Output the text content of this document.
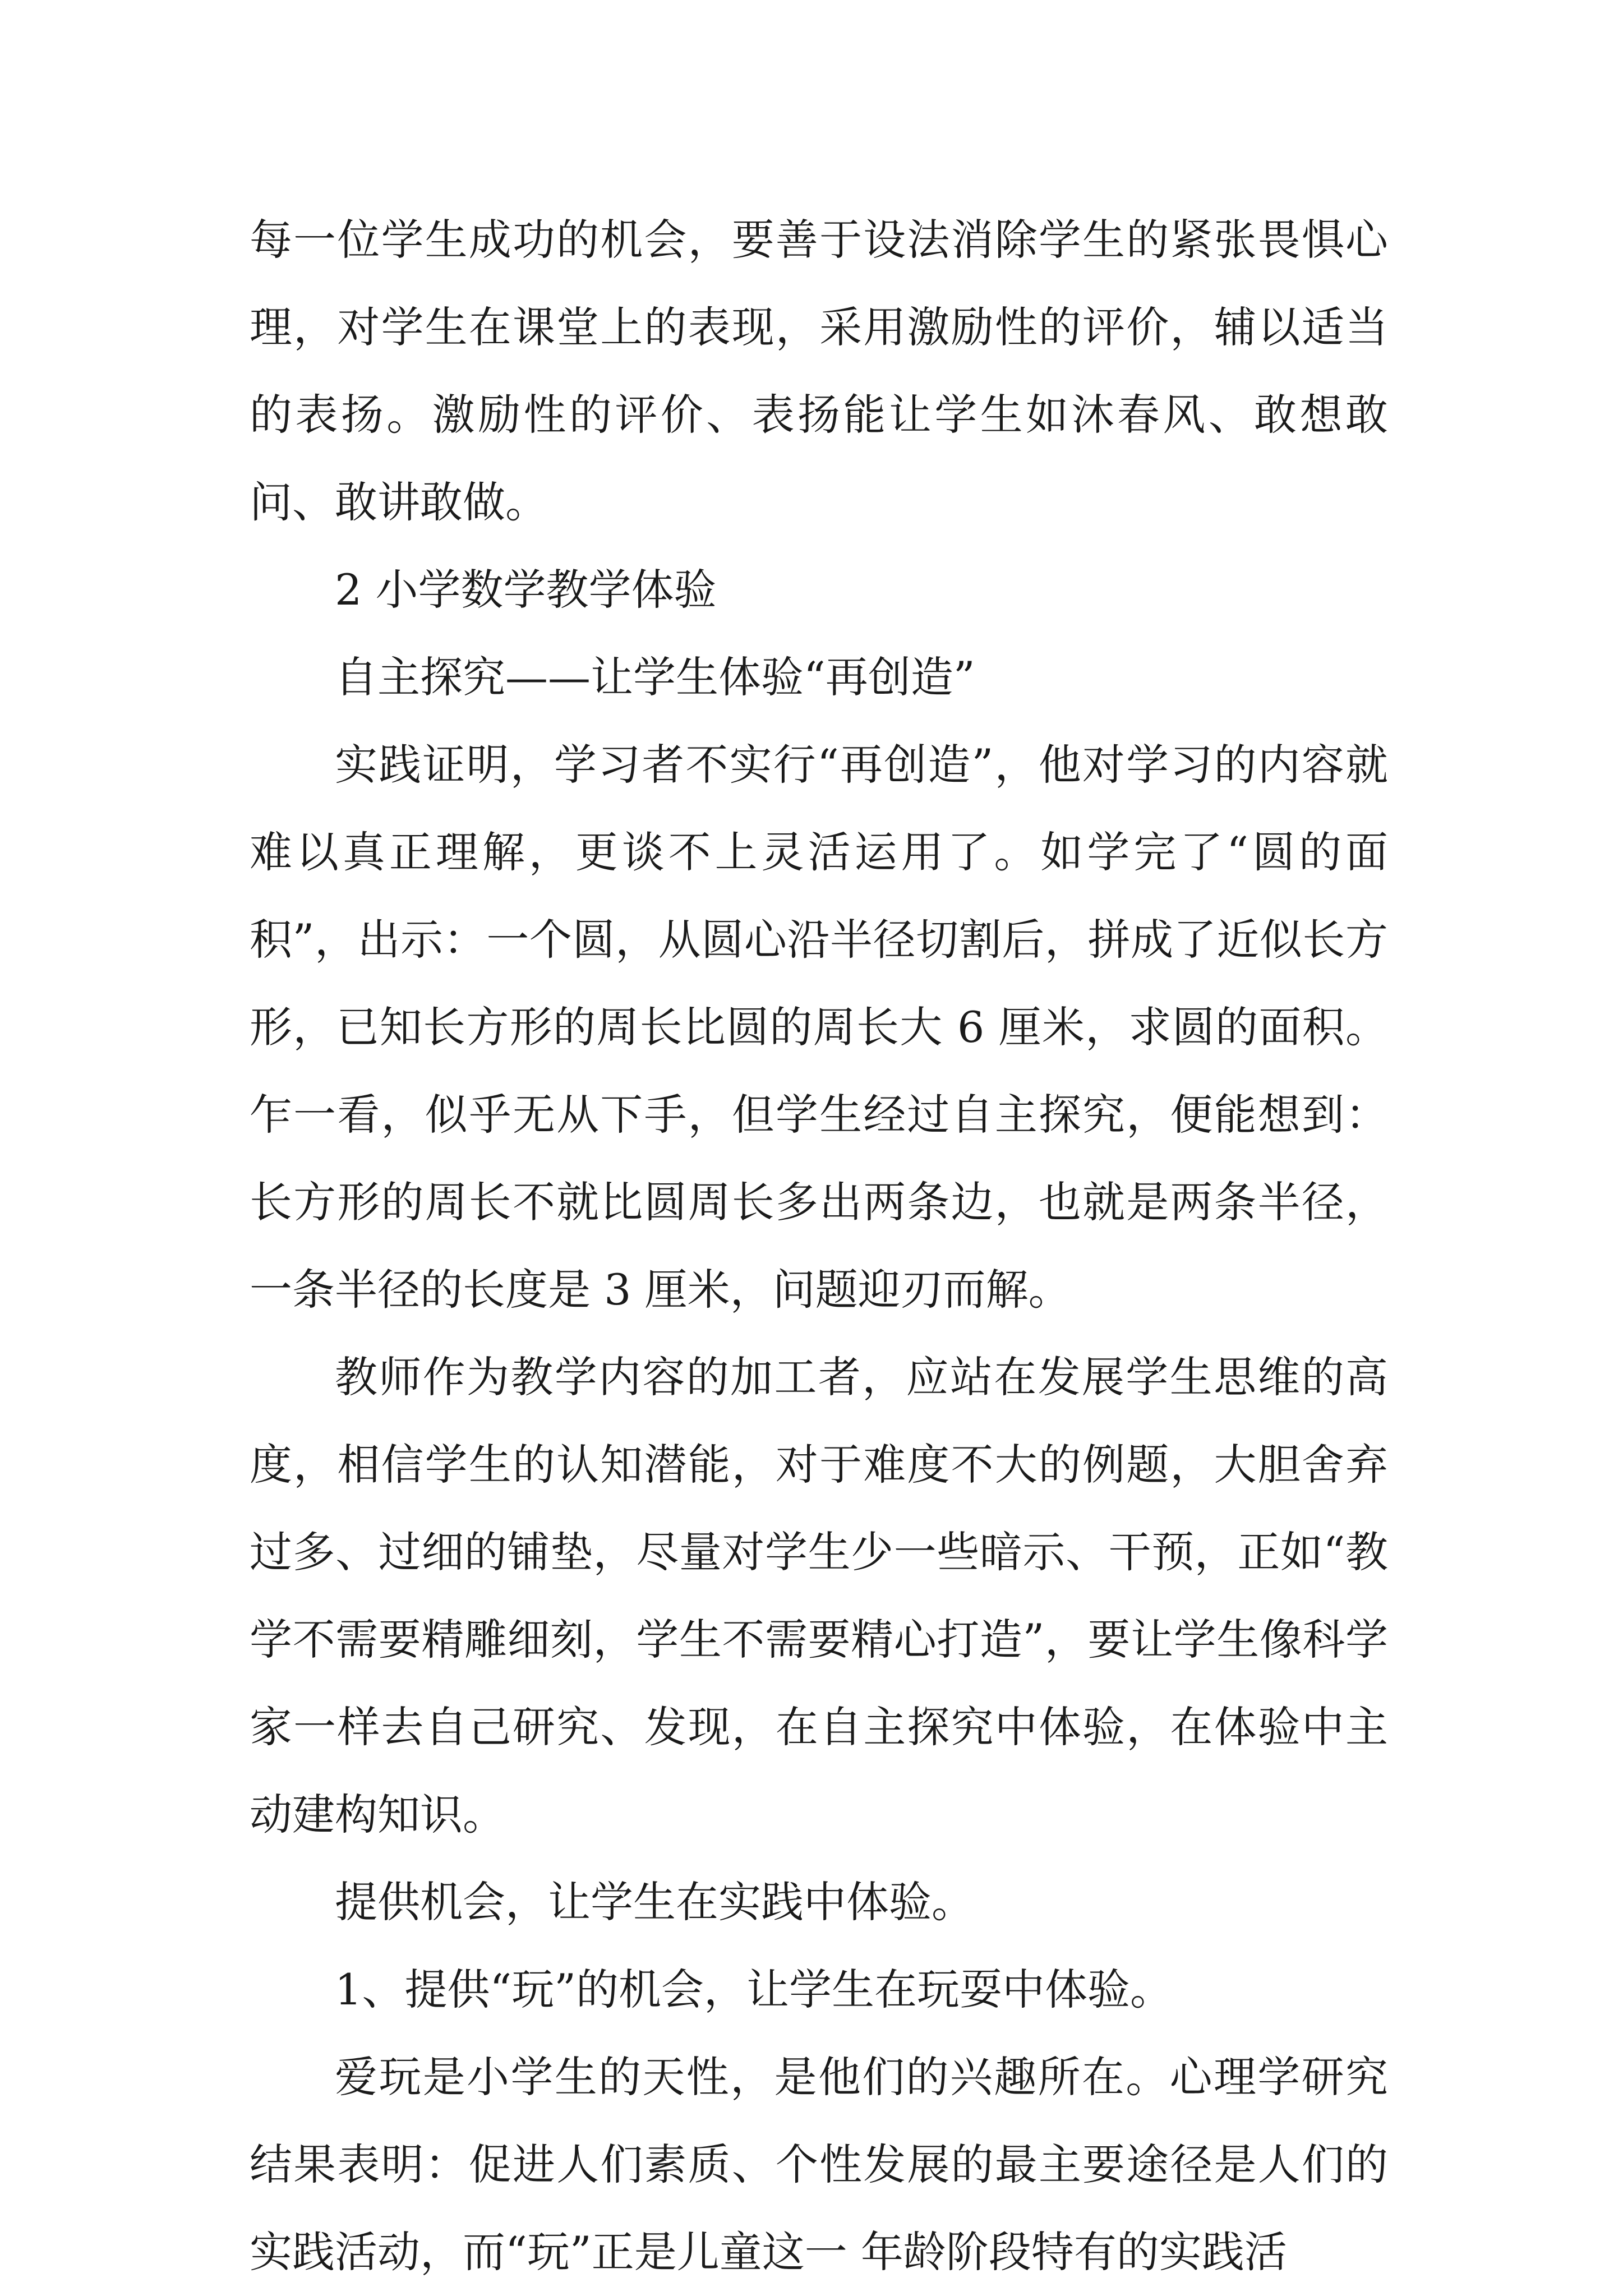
每一位学生成功的机会，要善于设法消除学生的紧张畏惧心理，对学生在课堂上的表现，采用激励性的评价，辅以适当的表扬。激励性的评价、表扬能让学生如沐春风、敢想敢问、敢讲敢做。

2 小学数学教学体验

自主探究——让学生体验“再创造”

实践证明，学习者不实行“再创造”，他对学习的内容就难以真正理解，更谈不上灵活运用了。如学完了“圆的面积”，出示：一个圆，从圆心沿半径切割后，拼成了近似长方形，已知长方形的周长比圆的周长大 6 厘米，求圆的面积。乍一看，似乎无从下手，但学生经过自主探究，便能想到：长方形的周长不就比圆周长多出两条边，也就是两条半径，一条半径的长度是 3 厘米，问题迎刃而解。

教师作为教学内容的加工者，应站在发展学生思维的高度，相信学生的认知潜能，对于难度不大的例题，大胆舍弃过多、过细的铺垫，尽量对学生少一些暗示、干预，正如“教学不需要精雕细刻，学生不需要精心打造”，要让学生像科学家一样去自己研究、发现，在自主探究中体验，在体验中主动建构知识。

提供机会，让学生在实践中体验。

1、提供“玩”的机会，让学生在玩耍中体验。

爱玩是小学生的天性，是他们的兴趣所在。心理学研究结果表明：促进人们素质、个性发展的最主要途径是人们的实践活动，而“玩”正是儿童这一 年龄阶段特有的实践活
